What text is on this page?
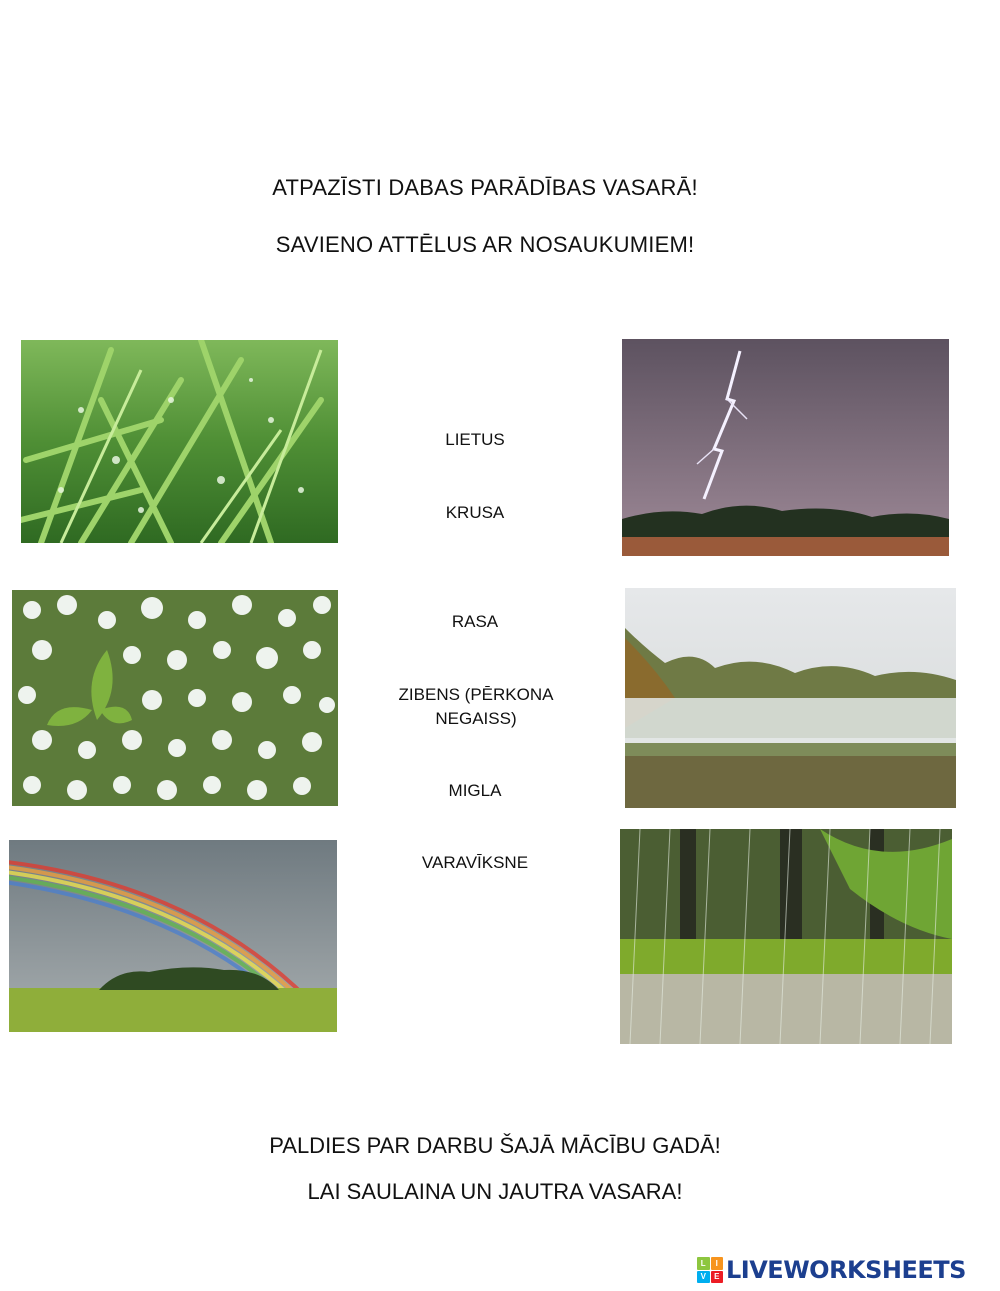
ATPAZĪSTI DABAS PARĀDĪBAS VASARĀ!
SAVIENO ATTĒLUS AR NOSAUKUMIEM!
LIETUS
KRUSA
RASA
ZIBENS (PĒRKONA NEGAISS)
MIGLA
VARAVĪKSNE
PALDIES PAR DARBU ŠAJĀ MĀCĪBU GADĀ!
LAI SAULAINA UN JAUTRA VASARA!
L	I
V	E LIVEWORKSHEETS
